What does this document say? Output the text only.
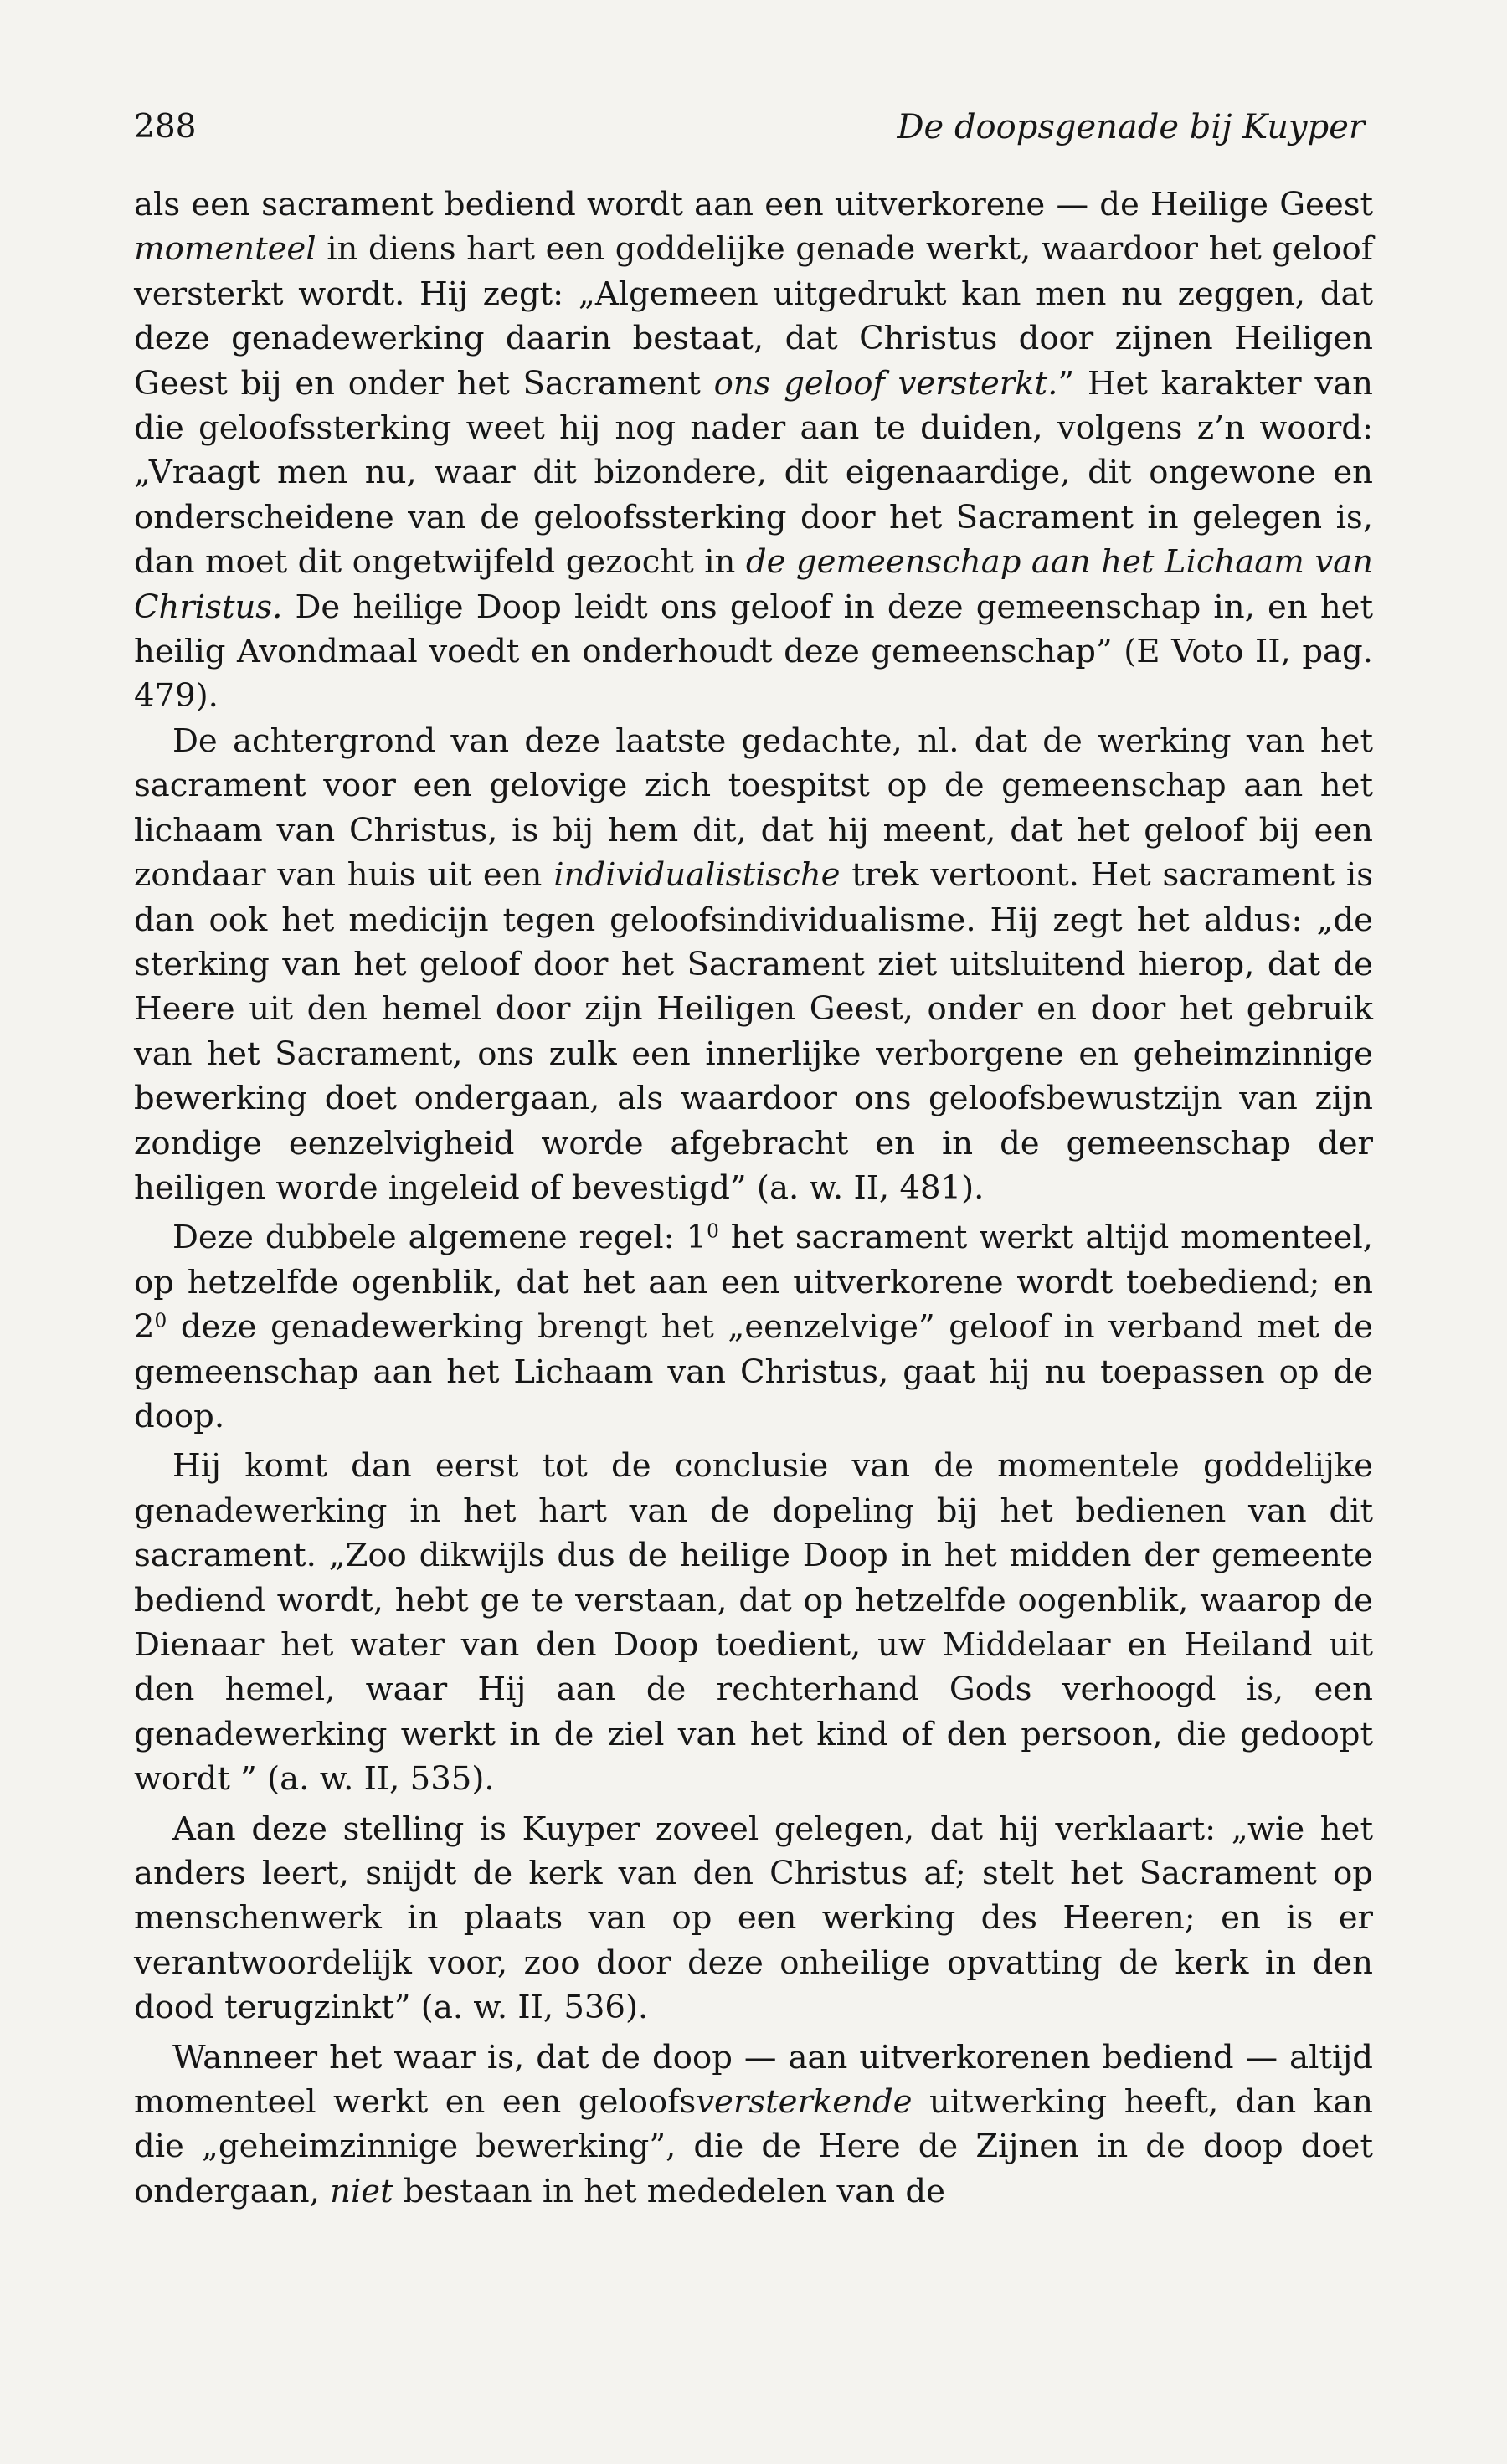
288	De doopsgenade bij Kuyper

als een sacrament bediend wordt aan een uitverkorene — de Heilige Geest momenteel in diens hart een goddelijke genade werkt, waardoor het geloof versterkt wordt. Hij zegt: „Algemeen uitgedrukt kan men nu zeggen, dat deze genadewerking daarin bestaat, dat Christus door zijnen Heiligen Geest bij en onder het Sacrament ons geloof versterkt.” Het karakter van die geloofssterking weet hij nog nader aan te duiden, volgens z’n woord: „Vraagt men nu, waar dit bizondere, dit eigenaardige, dit ongewone en onderscheidene van de geloofssterking door het Sacrament in gelegen is, dan moet dit ongetwijfeld gezocht in de gemeenschap aan het Lichaam van Christus. De heilige Doop leidt ons geloof in deze gemeenschap in, en het heilig Avondmaal voedt en onderhoudt deze gemeenschap” (E Voto II, pag. 479).

De achtergrond van deze laatste gedachte, nl. dat de werking van het sacrament voor een gelovige zich toespitst op de gemeenschap aan het lichaam van Christus, is bij hem dit, dat hij meent, dat het geloof bij een zondaar van huis uit een individualistische trek vertoont. Het sacrament is dan ook het medicijn tegen geloofsindividualisme. Hij zegt het aldus: „de sterking van het geloof door het Sacrament ziet uitsluitend hierop, dat de Heere uit den hemel door zijn Heiligen Geest, onder en door het gebruik van het Sacrament, ons zulk een innerlijke verborgene en geheimzinnige bewerking doet ondergaan, als waardoor ons geloofsbewustzijn van zijn zondige eenzelvigheid worde afgebracht en in de gemeenschap der heiligen worde ingeleid of bevestigd” (a. w. II, 481).

Deze dubbele algemene regel: $1^0$ het sacrament werkt altijd momenteel, op hetzelfde ogenblik, dat het aan een uitverkorene wordt toebediend; en $2^0$ deze genadewerking brengt het „eenzelvige” geloof in verband met de gemeenschap aan het Lichaam van Christus, gaat hij nu toepassen op de doop.

Hij komt dan eerst tot de conclusie van de momentele goddelijke genadewerking in het hart van de dopeling bij het bedienen van dit sacrament. „Zoo dikwijls dus de heilige Doop in het midden der gemeente bediend wordt, hebt ge te verstaan, dat op hetzelfde oogenblik, waarop de Dienaar het water van den Doop toedient, uw Middelaar en Heiland uit den hemel, waar Hij aan de rechterhand Gods verhoogd is, een genadewerking werkt in de ziel van het kind of den persoon, die gedoopt wordt ” (a. w. II, 535).

Aan deze stelling is Kuyper zoveel gelegen, dat hij verklaart: „wie het anders leert, snijdt de kerk van den Christus af; stelt het Sacrament op menschenwerk in plaats van op een werking des Heeren; en is er verantwoordelijk voor, zoo door deze onheilige opvatting de kerk in den dood terugzinkt” (a. w. II, 536).

Wanneer het waar is, dat de doop — aan uitverkorenen bediend — altijd momenteel werkt en een geloofsversterkende uitwerking heeft, dan kan die „geheimzinnige bewerking”, die de Here de Zijnen in de doop doet ondergaan, niet bestaan in het mededelen van de
